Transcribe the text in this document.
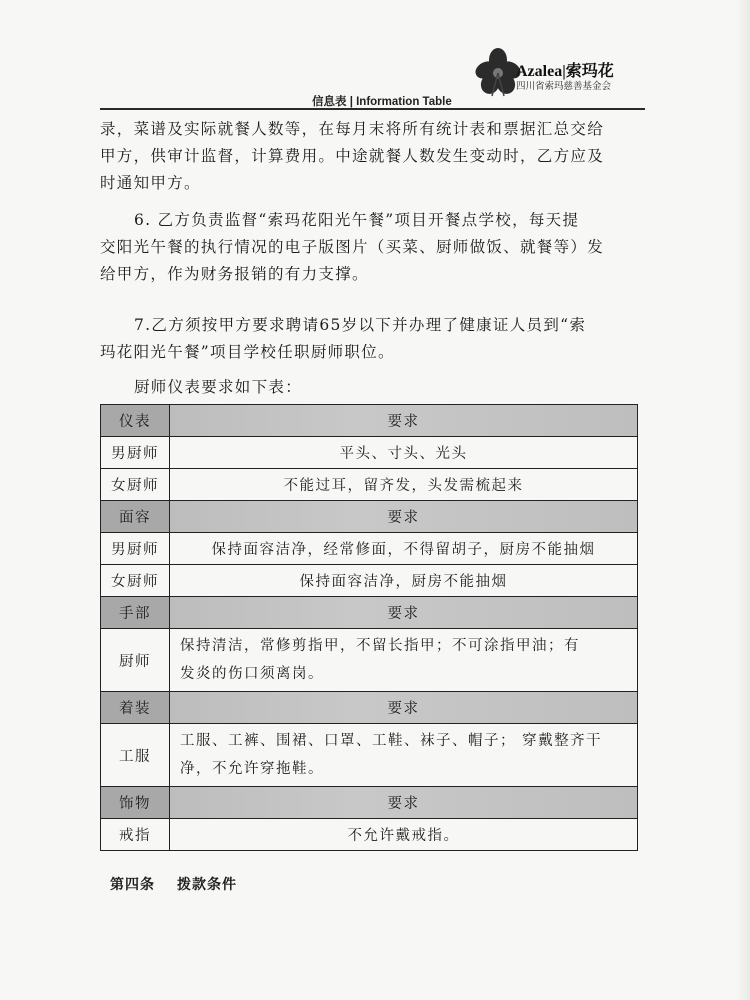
Azalea|索玛花
四川省索玛慈善基金会
信息表 | Information Table
录，菜谱及实际就餐人数等，在每月末将所有统计表和票据汇总交给
甲方，供审计监督，计算费用。中途就餐人数发生变动时，乙方应及
时通知甲方。
6. 乙方负责监督“索玛花阳光午餐”项目开餐点学校，每天提
交阳光午餐的执行情况的电子版图片（买菜、厨师做饭、就餐等）发
给甲方，作为财务报销的有力支撑。
7.乙方须按甲方要求聘请65岁以下并办理了健康证人员到“索
玛花阳光午餐”项目学校任职厨师职位。
厨师仪表要求如下表：
仪表	要求
男厨师	平头、寸头、光头
女厨师	不能过耳，留齐发，头发需梳起来
面容	要求
男厨师	保持面容洁净，经常修面，不得留胡子，厨房不能抽烟
女厨师	保持面容洁净，厨房不能抽烟
手部	要求
厨师	保持清洁，常修剪指甲，不留长指甲；不可涂指甲油；有
发炎的伤口须离岗。

着装	要求
工服	工服、工裤、围裙、口罩、工鞋、袜子、帽子； 穿戴整齐干
净，不允许穿拖鞋。

饰物	要求
戒指	不允许戴戒指。
第四条 拨款条件
